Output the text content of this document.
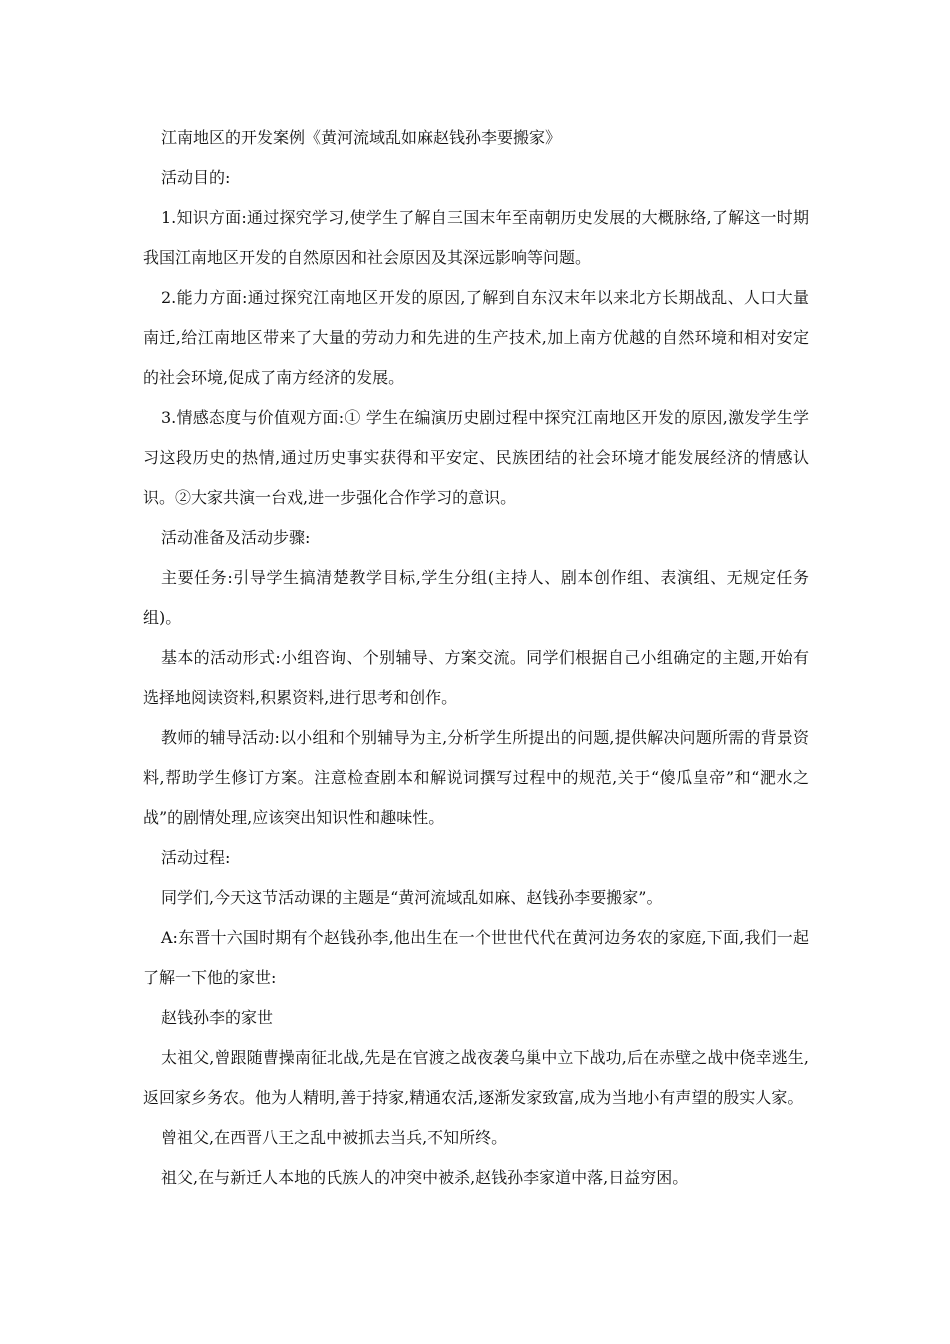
江南地区的开发案例《黄河流域乱如麻赵钱孙李要搬家》

活动目的:

1.知识方面:通过探究学习,使学生了解自三国末年至南朝历史发展的大概脉络,了解这一时期我国江南地区开发的自然原因和社会原因及其深远影响等问题。

2.能力方面:通过探究江南地区开发的原因,了解到自东汉末年以来北方长期战乱、人口大量南迁,给江南地区带来了大量的劳动力和先进的生产技术,加上南方优越的自然环境和相对安定的社会环境,促成了南方经济的发展。

3.情感态度与价值观方面:① 学生在编演历史剧过程中探究江南地区开发的原因,激发学生学习这段历史的热情,通过历史事实获得和平安定、民族团结的社会环境才能发展经济的情感认识。②大家共演一台戏,进一步强化合作学习的意识。

活动准备及活动步骤:

主要任务:引导学生搞清楚教学目标,学生分组(主持人、剧本创作组、表演组、无规定任务组)。

基本的活动形式:小组咨询、个别辅导、方案交流。同学们根据自己小组确定的主题,开始有选择地阅读资料,积累资料,进行思考和创作。

教师的辅导活动:以小组和个别辅导为主,分析学生所提出的问题,提供解决问题所需的背景资料,帮助学生修订方案。注意检查剧本和解说词撰写过程中的规范,关于“傻瓜皇帝”和“淝水之战”的剧情处理,应该突出知识性和趣味性。

活动过程:

同学们,今天这节活动课的主题是“黄河流域乱如麻、赵钱孙李要搬家”。

A:东晋十六国时期有个赵钱孙李,他出生在一个世世代代在黄河边务农的家庭,下面,我们一起了解一下他的家世:

赵钱孙李的家世

太祖父,曾跟随曹操南征北战,先是在官渡之战夜袭乌巢中立下战功,后在赤壁之战中侥幸逃生,返回家乡务农。他为人精明,善于持家,精通农活,逐渐发家致富,成为当地小有声望的殷实人家。

曾祖父,在西晋八王之乱中被抓去当兵,不知所终。

祖父,在与新迁人本地的氏族人的冲突中被杀,赵钱孙李家道中落,日益穷困。
